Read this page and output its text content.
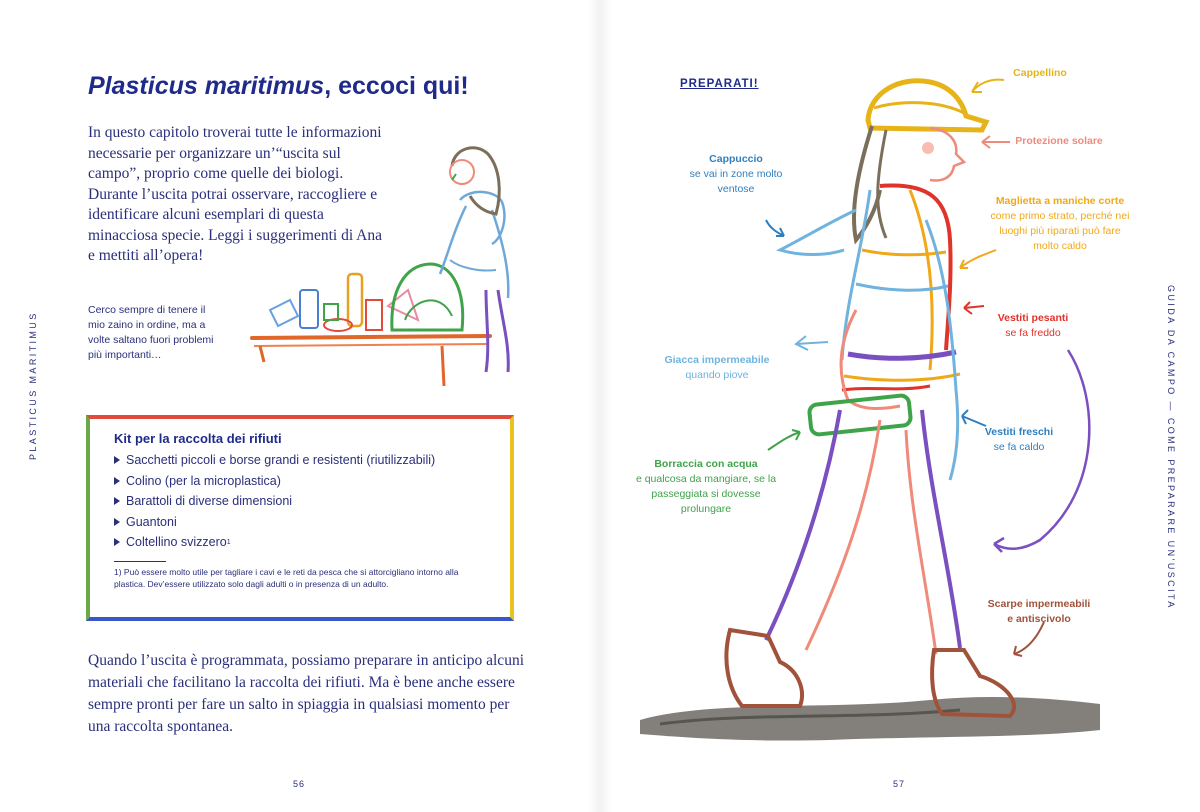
PLASTICUS MARITIMUS
Plasticus maritimus, eccoci qui!

In questo capitolo troverai tutte le informazioni necessarie per organizzare un’“uscita sul campo”, proprio come quelle dei biologi. Durante l’uscita potrai osservare, raccogliere e identificare alcuni esemplari di questa minacciosa specie. Leggi i suggerimenti di Ana e mettiti all’opera!

Cerco sempre di tenere il mio zaino in ordine, ma a volte saltano fuori problemi più importanti…

Kit per la raccolta dei rifiuti
Sacchetti piccoli e borse grandi e resistenti (riutilizzabili)
Colino (per la microplastica)
Barattoli di diverse dimensioni
Guantoni
Coltellino svizzero 1

1) Può essere molto utile per tagliare i cavi e le reti da pesca che si attorcigliano intorno alla plastica. Dev’essere utilizzato solo dagli adulti o in presenza di un adulto.

Quando l’uscita è programmata, possiamo preparare in anticipo alcuni materiali che facilitano la raccolta dei rifiuti. Ma è bene anche essere sempre pronti per fare un salto in spiaggia in qualsiasi momento per una raccolta spontanea.

56	57
GUIDA DA CAMPO — COME PREPARARE UN’USCITA
PREPARATI!
Cappellino
Protezione solare
Cappuccio
se vai in zone molto ventose
Maglietta a maniche corte
come primo strato, perché nei luoghi più riparati può fare molto caldo
Vestiti pesanti
se fa freddo
Giacca impermeabile
quando piove
Vestiti freschi
se fa caldo
Borraccia con acqua
e qualcosa da mangiare, se la passeggiata si dovesse prolungare
Scarpe impermeabili e antiscivolo
